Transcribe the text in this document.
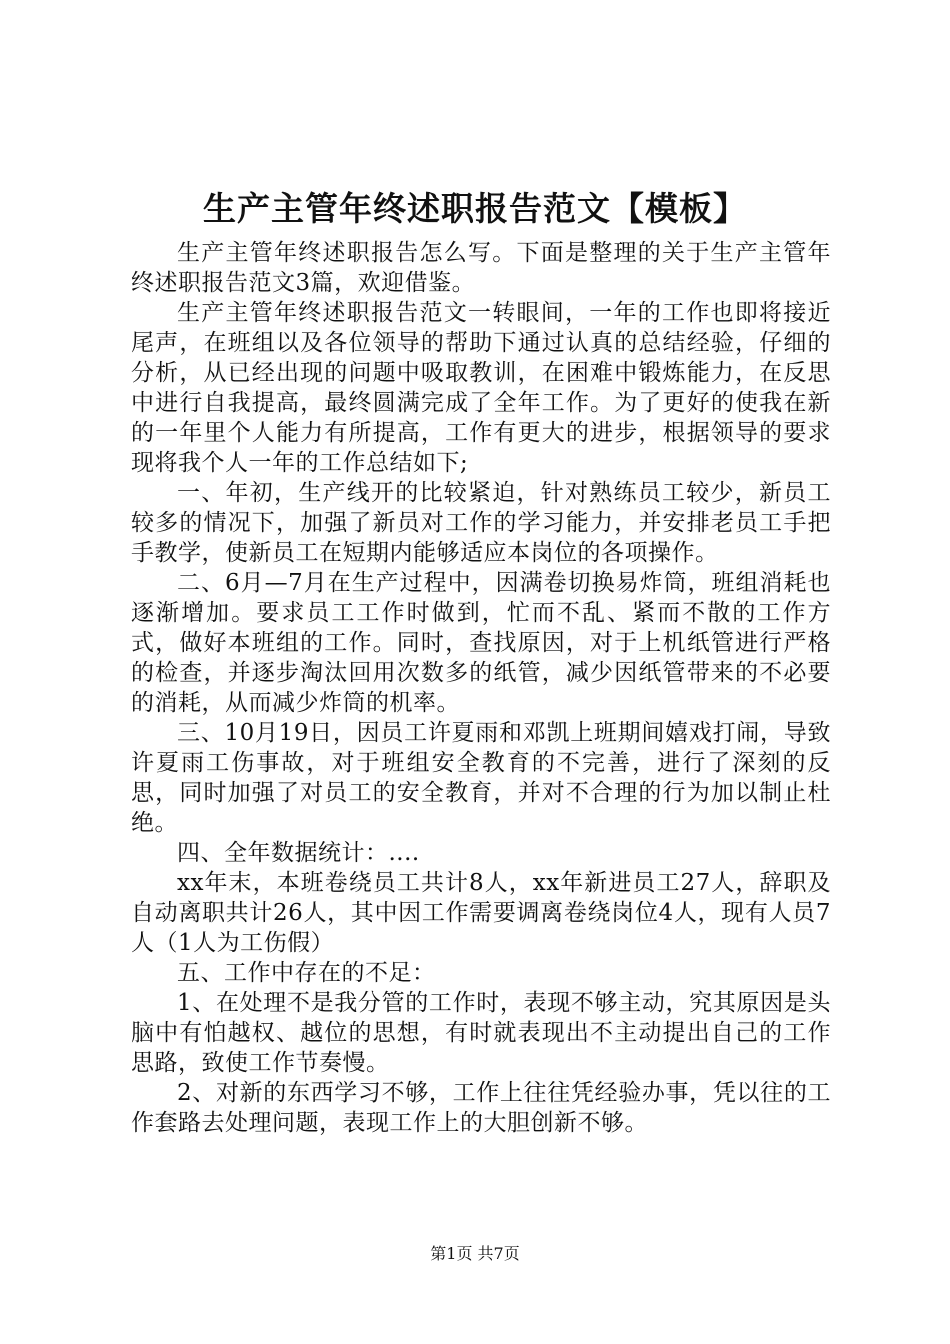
生产主管年终述职报告范文【模板】

生产主管年终述职报告怎么写。下面是整理的关于生产主管年终述职报告范文3篇，欢迎借鉴。

生产主管年终述职报告范文一转眼间，一年的工作也即将接近尾声，在班组以及各位领导的帮助下通过认真的总结经验，仔细的分析，从已经出现的问题中吸取教训，在困难中锻炼能力，在反思中进行自我提高，最终圆满完成了全年工作。为了更好的使我在新的一年里个人能力有所提高，工作有更大的进步，根据领导的要求现将我个人一年的工作总结如下;

一、年初，生产线开的比较紧迫，针对熟练员工较少，新员工较多的情况下，加强了新员对工作的学习能力，并安排老员工手把手教学，使新员工在短期内能够适应本岗位的各项操作。

二、6月—7月在生产过程中，因满卷切换易炸筒，班组消耗也逐渐增加。要求员工工作时做到，忙而不乱、紧而不散的工作方式，做好本班组的工作。同时，查找原因，对于上机纸管进行严格的检查，并逐步淘汰回用次数多的纸管，减少因纸管带来的不必要的消耗，从而减少炸筒的机率。

三、10月19日，因员工许夏雨和邓凯上班期间嬉戏打闹，导致许夏雨工伤事故，对于班组安全教育的不完善，进行了深刻的反思，同时加强了对员工的安全教育，并对不合理的行为加以制止杜绝。

四、全年数据统计：....

xx年末，本班卷绕员工共计8人，xx年新进员工27人，辞职及自动离职共计26人，其中因工作需要调离卷绕岗位4人，现有人员7人（1人为工伤假）

五、工作中存在的不足：

1、在处理不是我分管的工作时，表现不够主动，究其原因是头脑中有怕越权、越位的思想，有时就表现出不主动提出自己的工作思路，致使工作节奏慢。

2、对新的东西学习不够，工作上往往凭经验办事，凭以往的工作套路去处理问题，表现工作上的大胆创新不够。

第1页 共7页
